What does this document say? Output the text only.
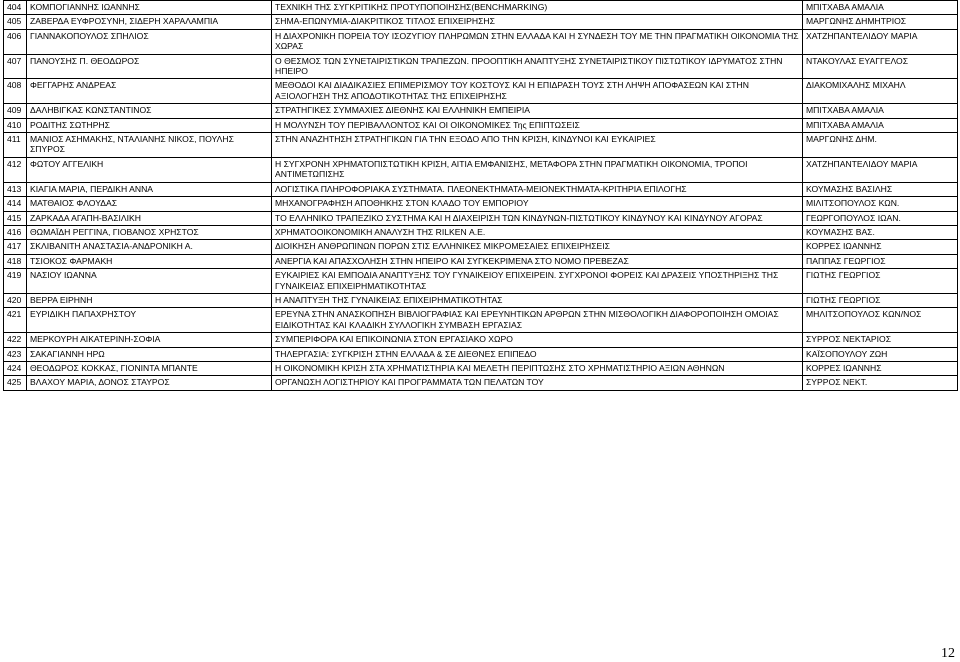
404	ΚΟΜΠΟΓΙΑΝΝΗΣ ΙΩΑΝΝΗΣ	ΤΕΧΝΙΚΗ ΤΗΣ ΣΥΓΚΡΙΤΙΚΗΣ ΠΡΟΤΥΠΟΠΟΙΗΣΗΣ(BENCHMARKING)	ΜΠΙΤΧΑΒΑ ΑΜΑΛΙΑ
405	ΖΑΒΕΡΔΑ ΕΥΦΡΟΣΥΝΗ, ΣΙΔΕΡΗ ΧΑΡΑΛΑΜΠΙΑ	ΣΗΜΑ-ΕΠΩΝΥΜΙΑ-ΔΙΑΚΡΙΤΙΚΟΣ ΤΙΤΛΟΣ ΕΠΙΧΕΙΡΗΣΗΣ	ΜΑΡΓΩΝΗΣ ΔΗΜΗΤΡΙΟΣ
406	ΓΙΑΝΝΑΚΟΠΟΥΛΟΣ ΣΠΗΛΙΟΣ	Η ΔΙΑΧΡΟΝΙΚΗ ΠΟΡΕΙΑ ΤΟΥ ΙΣΟΖΥΓΙΟΥ ΠΛΗΡΩΜΩΝ ΣΤΗΝ ΕΛΛΑΔΑ ΚΑΙ Η ΣΥΝΔΕΣΗ ΤΟΥ ΜΕ ΤΗΝ ΠΡΑΓΜΑΤΙΚΗ ΟΙΚΟΝΟΜΙΑ ΤΗΣ ΧΩΡΑΣ	ΧΑΤΖΗΠΑΝΤΕΛΙΔΟΥ ΜΑΡΙΑ
407	ΠΑΝΟΥΣΗΣ Π. ΘΕΟΔΩΡΟΣ	Ο ΘΕΣΜΟΣ ΤΩΝ ΣΥΝΕΤΑΙΡΙΣΤΙΚΩΝ ΤΡΑΠΕΖΩΝ. ΠΡΟΟΠΤΙΚΗ ΑΝΑΠΤΥΞΗΣ ΣΥΝΕΤΑΙΡΙΣΤΙΚΟΥ ΠΙΣΤΩΤΙΚΟΥ ΙΔΡΥΜΑΤΟΣ ΣΤΗΝ ΗΠΕΙΡΟ	ΝΤΑΚΟΥΛΑΣ ΕΥΑΓΓΕΛΟΣ
408	ΦΕΓΓΑΡΗΣ ΑΝΔΡΕΑΣ	ΜΕΘΟΔΟΙ ΚΑΙ ΔΙΑΔΙΚΑΣΙΕΣ ΕΠΙΜΕΡΙΣΜΟΥ ΤΟΥ ΚΟΣΤΟΥΣ ΚΑΙ Η ΕΠΙΔΡΑΣΗ ΤΟΥΣ ΣΤΗ ΛΗΨΗ ΑΠΟΦΑΣΕΩΝ ΚΑΙ ΣΤΗΝ ΑΞΙΟΛΟΓΗΣΗ ΤΗΣ ΑΠΟΔΟΤΙΚΟΤΗΤΑΣ ΤΗΣ ΕΠΙΧΕΙΡΗΣΗΣ	ΔΙΑΚΟΜΙΧΑΛΗΣ ΜΙΧΑΗΛ
409	ΔΑΛΗΒΙΓΚΑΣ ΚΩΝΣΤΑΝΤΙΝΟΣ	ΣΤΡΑΤΗΓΙΚΕΣ ΣΥΜΜΑΧΙΕΣ ΔΙΕΘΝΗΣ ΚΑΙ ΕΛΛΗΝΙΚΗ ΕΜΠΕΙΡΙΑ	ΜΠΙΤΧΑΒΑ ΑΜΑΛΙΑ
410	ΡΟΔΙΤΗΣ ΣΩΤΗΡΗΣ	Η ΜΟΛΥΝΣΗ ΤΟΥ ΠΕΡΙΒΑΛΛΟΝΤΟΣ ΚΑΙ ΟΙ ΟΙΚΟΝΟΜΙΚΕΣ Της ΕΠΙΠΤΩΣΕΙΣ	ΜΠΙΤΧΑΒΑ ΑΜΑΛΙΑ
411	ΜΑΝΙΟΣ ΑΣΗΜΑΚΗΣ, ΝΤΑΛΙΑΝΗΣ ΝΙΚΟΣ, ΠΟΥΛΗΣ ΣΠΥΡΟΣ	ΣΤΗΝ ΑΝΑΖΗΤΗΣΗ ΣΤΡΑΤΗΓΙΚΩΝ ΓΙΑ ΤΗΝ ΕΞΟΔΟ ΑΠΟ ΤΗΝ ΚΡΙΣΗ, ΚΙΝΔΥΝΟΙ ΚΑΙ ΕΥΚΑΙΡΙΕΣ	ΜΑΡΓΩΝΗΣ ΔΗΜ.
412	ΦΩΤΟΥ ΑΓΓΕΛΙΚΗ	Η ΣΥΓΧΡΟΝΗ ΧΡΗΜΑΤΟΠΙΣΤΩΤΙΚΗ ΚΡΙΣΗ, ΑΙΤΙΑ ΕΜΦΑΝΙΣΗΣ, ΜΕΤΑΦΟΡΑ ΣΤΗΝ ΠΡΑΓΜΑΤΙΚΗ ΟΙΚΟΝΟΜΙΑ, ΤΡΟΠΟΙ ΑΝΤΙΜΕΤΩΠΙΣΗΣ	ΧΑΤΖΗΠΑΝΤΕΛΙΔΟΥ ΜΑΡΙΑ
413	ΚΙΑΓΙΑ ΜΑΡΙΑ, ΠΕΡΔΙΚΗ ΑΝΝΑ	ΛΟΓΙΣΤΙΚΑ ΠΛΗΡΟΦΟΡΙΑΚΑ ΣΥΣΤΗΜΑΤΑ. ΠΛΕΟΝΕΚΤΗΜΑΤΑ-ΜΕΙΟΝΕΚΤΗΜΑΤΑ-ΚΡΙΤΗΡΙΑ ΕΠΙΛΟΓΗΣ	ΚΟΥΜΑΣΗΣ ΒΑΣΙΛΗΣ
414	ΜΑΤΘΑΙΟΣ ΦΛΟΥΔΑΣ	ΜΗΧΑΝΟΓΡΑΦΗΣΗ ΑΠΟΘΗΚΗΣ ΣΤΟΝ ΚΛΑΔΟ ΤΟΥ ΕΜΠΟΡΙΟΥ	ΜΙΛΙΤΣΟΠΟΥΛΟΣ ΚΩΝ.
415	ΖΑΡΚΑΔΑ ΑΓΑΠΗ-ΒΑΣΙΛΙΚΗ	ΤΟ ΕΛΛΗΝΙΚΟ ΤΡΑΠΕΖΙΚΟ ΣΥΣΤΗΜΑ ΚΑΙ Η ΔΙΑΧΕΙΡΙΣΗ ΤΩΝ ΚΙΝΔΥΝΩΝ-ΠΙΣΤΩΤΙΚΟΥ ΚΙΝΔΥΝΟΥ ΚΑΙ ΚΙΝΔΥΝΟΥ ΑΓΟΡΑΣ	ΓΕΩΡΓΟΠΟΥΛΟΣ ΙΩΑΝ.
416	ΘΩΜΑΪΔΗ ΡΕΓΓΙΝΑ, ΓΙΟΒΑΝΟΣ ΧΡΗΣΤΟΣ	ΧΡΗΜΑΤΟΟΙΚΟΝΟΜΙΚΗ ΑΝΑΛΥΣΗ ΤΗΣ RILKEN Α.Ε.	ΚΟΥΜΑΣΗΣ ΒΑΣ.
417	ΣΚΛΙΒΑΝΙΤΗ ΑΝΑΣΤΑΣΙΑ-ΑΝΔΡΟΝΙΚΗ Α.	ΔΙΟΙΚΗΣΗ ΑΝΘΡΩΠΙΝΩΝ ΠΟΡΩΝ ΣΤΙΣ ΕΛΛΗΝΙΚΕΣ ΜΙΚΡΟΜΕΣΑΙΕΣ ΕΠΙΧΕΙΡΗΣΕΙΣ	ΚΟΡΡΕΣ ΙΩΑΝΝΗΣ
418	ΤΣΙΟΚΟΣ ΦΑΡΜΑΚΗ	ΑΝΕΡΓΙΑ ΚΑΙ ΑΠΑΣΧΟΛΗΣΗ ΣΤΗΝ ΗΠΕΙΡΟ ΚΑΙ ΣΥΓΚΕΚΡΙΜΕΝΑ ΣΤΟ ΝΟΜΟ ΠΡΕΒΕΖΑΣ	ΠΑΠΠΑΣ ΓΕΩΡΓΙΟΣ
419	ΝΑΣΙΟΥ ΙΩΑΝΝΑ	ΕΥΚΑΙΡΙΕΣ ΚΑΙ ΕΜΠΟΔΙΑ ΑΝΑΠΤΥΞΗΣ ΤΟΥ ΓΥΝΑΙΚΕΙΟΥ ΕΠΙΧΕΙΡΕΙΝ. ΣΥΓΧΡΟΝΟΙ ΦΟΡΕΙΣ ΚΑΙ ΔΡΑΣΕΙΣ ΥΠΟΣΤΗΡΙΞΗΣ ΤΗΣ ΓΥΝΑΙΚΕΙΑΣ ΕΠΙΧΕΙΡΗΜΑΤΙΚΟΤΗΤΑΣ	ΓΙΩΤΗΣ ΓΕΩΡΓΙΟΣ
420	ΒΕΡΡΑ ΕΙΡΗΝΗ	Η ΑΝΑΠΤΥΞΗ ΤΗΣ ΓΥΝΑΙΚΕΙΑΣ ΕΠΙΧΕΙΡΗΜΑΤΙΚΟΤΗΤΑΣ	ΓΙΩΤΗΣ ΓΕΩΡΓΙΟΣ
421	ΕΥΡΙΔΙΚΗ ΠΑΠΑΧΡΗΣΤΟΥ	ΕΡΕΥΝΑ ΣΤΗΝ ΑΝΑΣΚΟΠΗΣΗ ΒΙΒΛΙΟΓΡΑΦΙΑΣ ΚΑΙ ΕΡΕΥΝΗΤΙΚΩΝ ΑΡΘΡΩΝ ΣΤΗΝ ΜΙΣΘΟΛΟΓΙΚΗ ΔΙΑΦΟΡΟΠΟΙΗΣΗ ΟΜΟΙΑΣ ΕΙΔΙΚΟΤΗΤΑΣ ΚΑΙ ΚΛΑΔΙΚΗ ΣΥΛΛΟΓΙΚΗ ΣΥΜΒΑΣΗ ΕΡΓΑΣΙΑΣ	ΜΗΛΙΤΣΟΠΟΥΛΟΣ ΚΩΝ/ΝΟΣ
422	ΜΕΡΚΟΥΡΗ ΑΙΚΑΤΕΡΙΝΗ-ΣΟΦΙΑ	ΣΥΜΠΕΡΙΦΟΡΑ ΚΑΙ ΕΠΙΚΟΙΝΩΝΙΑ ΣΤΟΝ ΕΡΓΑΣΙΑΚΟ ΧΩΡΟ	ΣΥΡΡΟΣ ΝΕΚΤΑΡΙΟΣ
423	ΣΑΚΑΓΙΑΝΝΗ ΗΡΩ	ΤΗΛΕΡΓΑΣΙΑ: ΣΥΓΚΡΙΣΗ ΣΤΗΝ ΕΛΛΑΔΑ & ΣΕ ΔΙΕΘΝΕΣ ΕΠΙΠΕΔΟ	ΚΑΪΣΟΠΟΥΛΟΥ ΖΩΗ
424	ΘΕΟΔΩΡΟΣ ΚΟΚΚΑΣ, ΓΙΟΝΙΝΤΑ ΜΠΑΝΤΕ	Η ΟΙΚΟΝΟΜΙΚΗ ΚΡΙΣΗ ΣΤΑ ΧΡΗΜΑΤΙΣΤΗΡΙΑ ΚΑΙ ΜΕΛΕΤΗ ΠΕΡΙΠΤΩΣΗΣ ΣΤΟ ΧΡΗΜΑΤΙΣΤΗΡΙΟ ΑΞΙΩΝ ΑΘΗΝΩΝ	ΚΟΡΡΕΣ ΙΩΑΝΝΗΣ
425	ΒΛΑΧΟΥ ΜΑΡΙΑ, ΔΟΝΟΣ ΣΤΑΥΡΟΣ	ΟΡΓΑΝΩΣΗ ΛΟΓΙΣΤΗΡΙΟΥ ΚΑΙ ΠΡΟΓΡΑΜΜΑΤΑ ΤΩΝ ΠΕΛΑΤΩΝ ΤΟΥ	ΣΥΡΡΟΣ ΝΕΚΤ.
12
